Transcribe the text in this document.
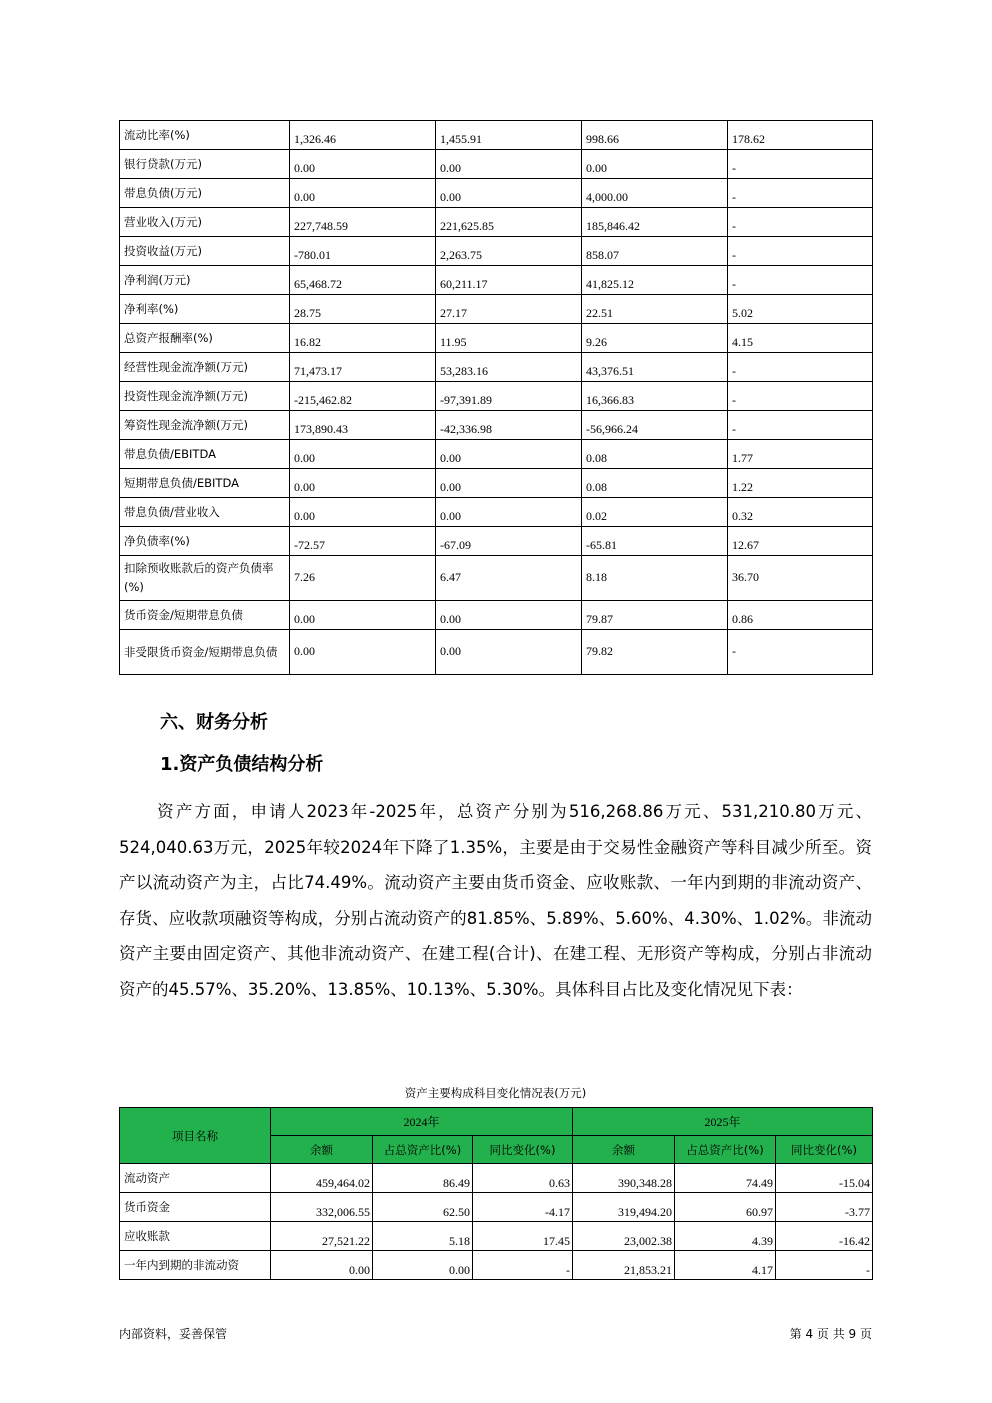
流动比率(%)	1,326.46	1,455.91	998.66	178.62
银行贷款(万元)	0.00	0.00	0.00	-
带息负债(万元)	0.00	0.00	4,000.00	-
营业收入(万元)	227,748.59	221,625.85	185,846.42	-
投资收益(万元)	-780.01	2,263.75	858.07	-
净利润(万元)	65,468.72	60,211.17	41,825.12	-
净利率(%)	28.75	27.17	22.51	5.02
总资产报酬率(%)	16.82	11.95	9.26	4.15
经营性现金流净额(万元)	71,473.17	53,283.16	43,376.51	-
投资性现金流净额(万元)	-215,462.82	-97,391.89	16,366.83	-
筹资性现金流净额(万元)	173,890.43	-42,336.98	-56,966.24	-
带息负债/EBITDA	0.00	0.00	0.08	1.77
短期带息负债/EBITDA	0.00	0.00	0.08	1.22
带息负债/营业收入	0.00	0.00	0.02	0.32
净负债率(%)	-72.57	-67.09	-65.81	12.67
扣除预收账款后的资产负债率(%)	7.26	6.47	8.18	36.70
货币资金/短期带息负债	0.00	0.00	79.87	0.86
非受限货币资金/短期带息负债	0.00	0.00	79.82	-
六、财务分析
1.资产负债结构分析
资产方面，申请人2023年-2025年，总资产分别为516,268.86万元、531,210.80万元、524,040.63万元，2025年较2024年下降了1.35%，主要是由于交易性金融资产等科目减少所至。资产以流动资产为主，占比74.49%。流动资产主要由货币资金、应收账款、一年内到期的非流动资产、存货、应收款项融资等构成，分别占流动资产的81.85%、5.89%、5.60%、4.30%、1.02%。非流动资产主要由固定资产、其他非流动资产、在建工程(合计)、在建工程、无形资产等构成，分别占非流动资产的45.57%、35.20%、13.85%、10.13%、5.30%。具体科目占比及变化情况见下表：
资产主要构成科目变化情况表(万元)
项目名称	2024年			2025年		
	余额	占总资产比(%)	同比变化(%)	余额	占总资产比(%)	同比变化(%)
流动资产	459,464.02	86.49	0.63	390,348.28	74.49	-15.04
货币资金	332,006.55	62.50	-4.17	319,494.20	60.97	-3.77
应收账款	27,521.22	5.18	17.45	23,002.38	4.39	-16.42
一年内到期的非流动资	0.00	0.00	-	21,853.21	4.17	-
内部资料，妥善保管	第 4 页 共 9 页
